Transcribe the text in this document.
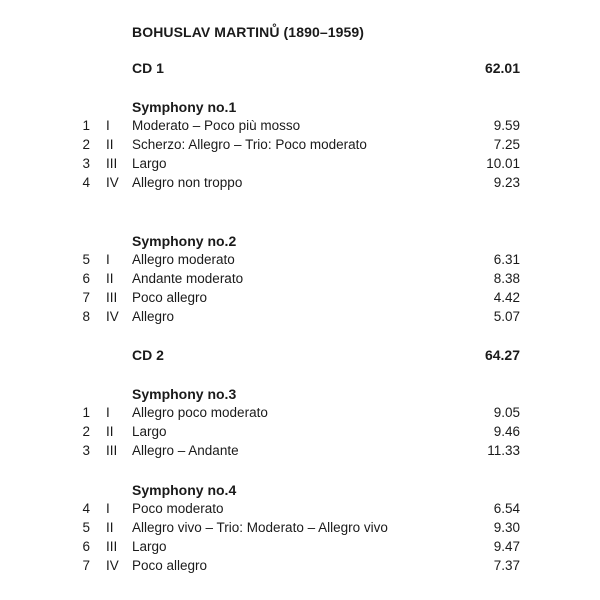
BOHUSLAV MARTINŮ (1890–1959)
CD 1	62.01
Symphony no.1
1 I Moderato – Poco più mosso	9.59
2 II Scherzo: Allegro – Trio: Poco moderato	7.25
3 III Largo	10.01
4 IV Allegro non troppo	9.23
Symphony no.2
5 I Allegro moderato	6.31
6 II Andante moderato	8.38
7 III Poco allegro	4.42
8 IV Allegro	5.07
CD 2	64.27
Symphony no.3
1 I Allegro poco moderato	9.05
2 II Largo	9.46
3 III Allegro – Andante	11.33
Symphony no.4
4 I Poco moderato	6.54
5 II Allegro vivo – Trio: Moderato – Allegro vivo	9.30
6 III Largo	9.47
7 IV Poco allegro	7.37
